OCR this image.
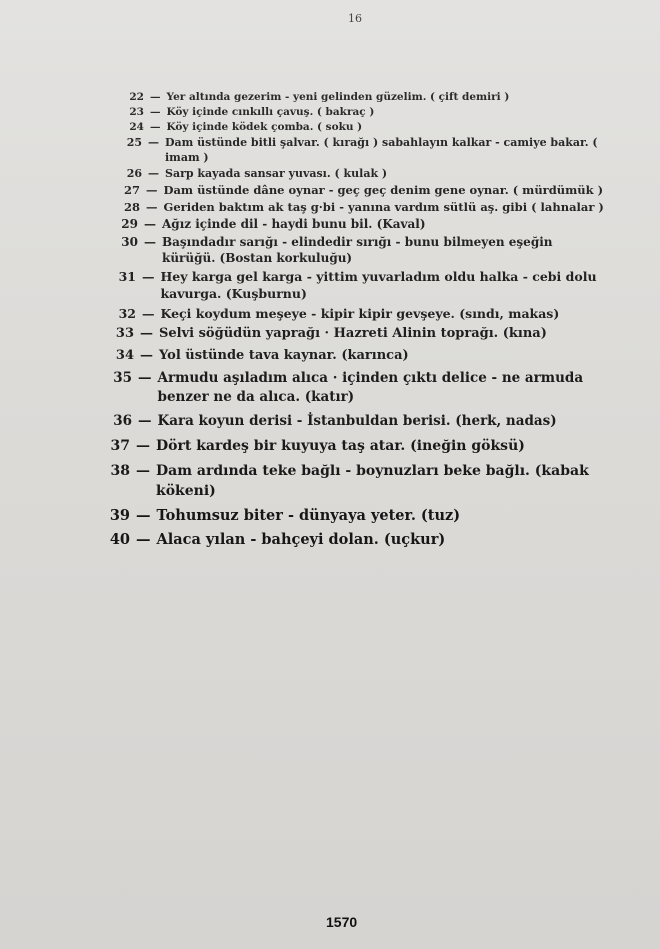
16
22 — Yer altında gezerim - yeni gelinden güzelim. ( çift demiri )
23 — Köy içinde cınkıllı çavuş. ( bakraç )
24 — Köy içinde ködek çomba. ( soku )
25 — Dam üstünde bitli şalvar. ( kırağı ) sabahlayın kalkar - camiye bakar. ( imam )
26 — Sarp kayada sansar yuvası. ( kulak )
27 — Dam üstünde dâne oynar - geç geç denim gene oynar. ( mürdümük )
28 — Geriden baktım ak taş g·bi - yanına vardım sütlü aş. gibi ( lahnalar )
29 — Ağız içinde dil - haydi bunu bil. (Kaval)
30 — Başındadır sarığı - elindedir sırığı - bunu bilmeyen eşeğin kürüğü. (Bostan korkuluğu)
31 — Hey karga gel karga - yittim yuvarladım oldu halka - cebi dolu kavurga. (Kuşburnu)
32 — Keçi koydum meşeye - kipir kipir gevşeye. (sındı, makas)
33 — Selvi söğüdün yaprağı · Hazreti Alinin toprağı. (kına)
34 — Yol üstünde tava kaynar. (karınca)
35 — Armudu aşıladım alıca · içinden çıktı delice - ne armuda benzer ne da alıca. (katır)
36 — Kara koyun derisi - İstanbuldan berisi. (herk, nadas)
37 — Dört kardeş bir kuyuya taş atar. (ineğin göksü)
38 — Dam ardında teke bağlı - boynuzları beke bağlı. (kabak kökeni)
39 — Tohumsuz biter - dünyaya yeter. (tuz)
40 — Alaca yılan - bahçeyi dolan. (uçkur)
1570
